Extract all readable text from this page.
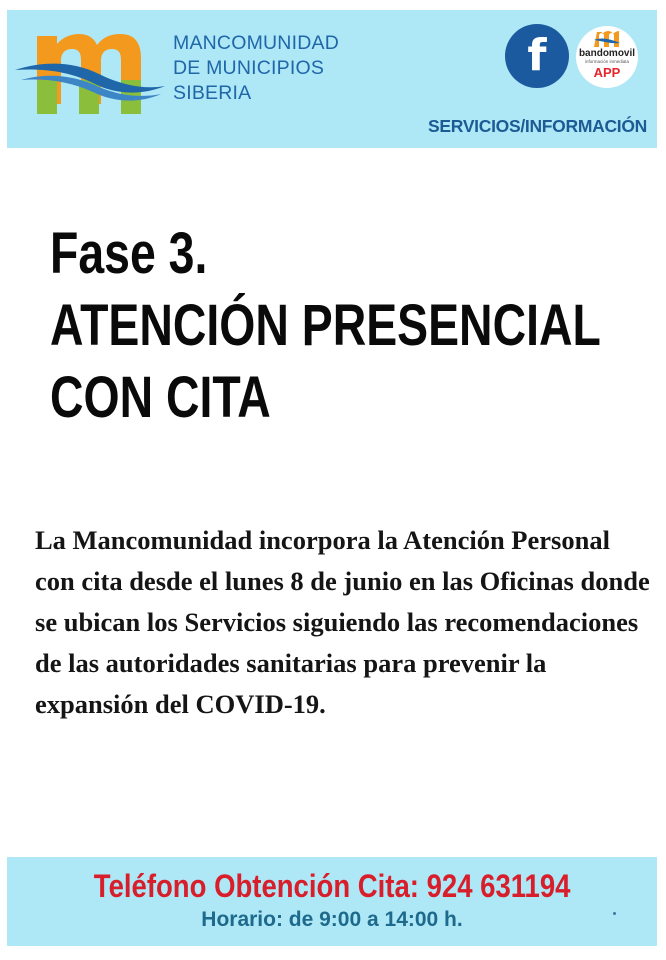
MANCOMUNIDAD
DE MUNICIPIOS
SIBERIA
f	bandomovil
información inmediata
APP
SERVICIOS/INFORMACIÓN
Fase 3.
ATENCIÓN PRESENCIAL
CON CITA
La Mancomunidad incorpora la Atención Personal con cita desde el lunes 8 de junio en las Oficinas donde se ubican los Servicios siguiendo las recomendaciones de las autoridades sanitarias para prevenir la expansión del COVID-19.
Teléfono Obtención Cita: 924 631194
Horario: de 9:00 a 14:00 h.
